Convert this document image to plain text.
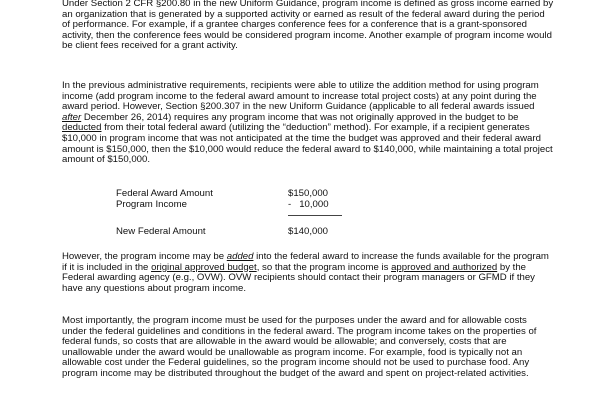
Under Section 2 CFR §200.80 in the new Uniform Guidance, program income is defined as gross income earned by an organization that is generated by a supported activity or earned as result of the federal award during the period of performance. For example, if a grantee charges conference fees for a conference that is a grant-sponsored activity, then the conference fees would be considered program income. Another example of program income would be client fees received for a grant activity.

In the previous administrative requirements, recipients were able to utilize the addition method for using program income (add program income to the federal award amount to increase total project costs) at any point during the award period. However, Section §200.307 in the new Uniform Guidance (applicable to all federal awards issued after December 26, 2014) requires any program income that was not originally approved in the budget to be deducted from their total federal award (utilizing the “deduction” method). For example, if a recipient generates $10,000 in program income that was not anticipated at the time the budget was approved and their federal award amount is $150,000, then the $10,000 would reduce the federal award to $140,000, while maintaining a total project amount of $150,000.

Federal Award Amount	$150,000
Program Income	-   10,000
New Federal Amount	$140,000

However, the program income may be added into the federal award to increase the funds available for the program if it is included in the original approved budget, so that the program income is approved and authorized by the Federal awarding agency (e.g., OVW). OVW recipients should contact their program managers or GFMD if they have any questions about program income.

Most importantly, the program income must be used for the purposes under the award and for allowable costs under the federal guidelines and conditions in the federal award. The program income takes on the properties of federal funds, so costs that are allowable in the award would be allowable; and conversely, costs that are unallowable under the award would be unallowable as program income. For example, food is typically not an allowable cost under the Federal guidelines, so the program income should not be used to purchase food. Any program income may be distributed throughout the budget of the award and spent on project-related activities.
